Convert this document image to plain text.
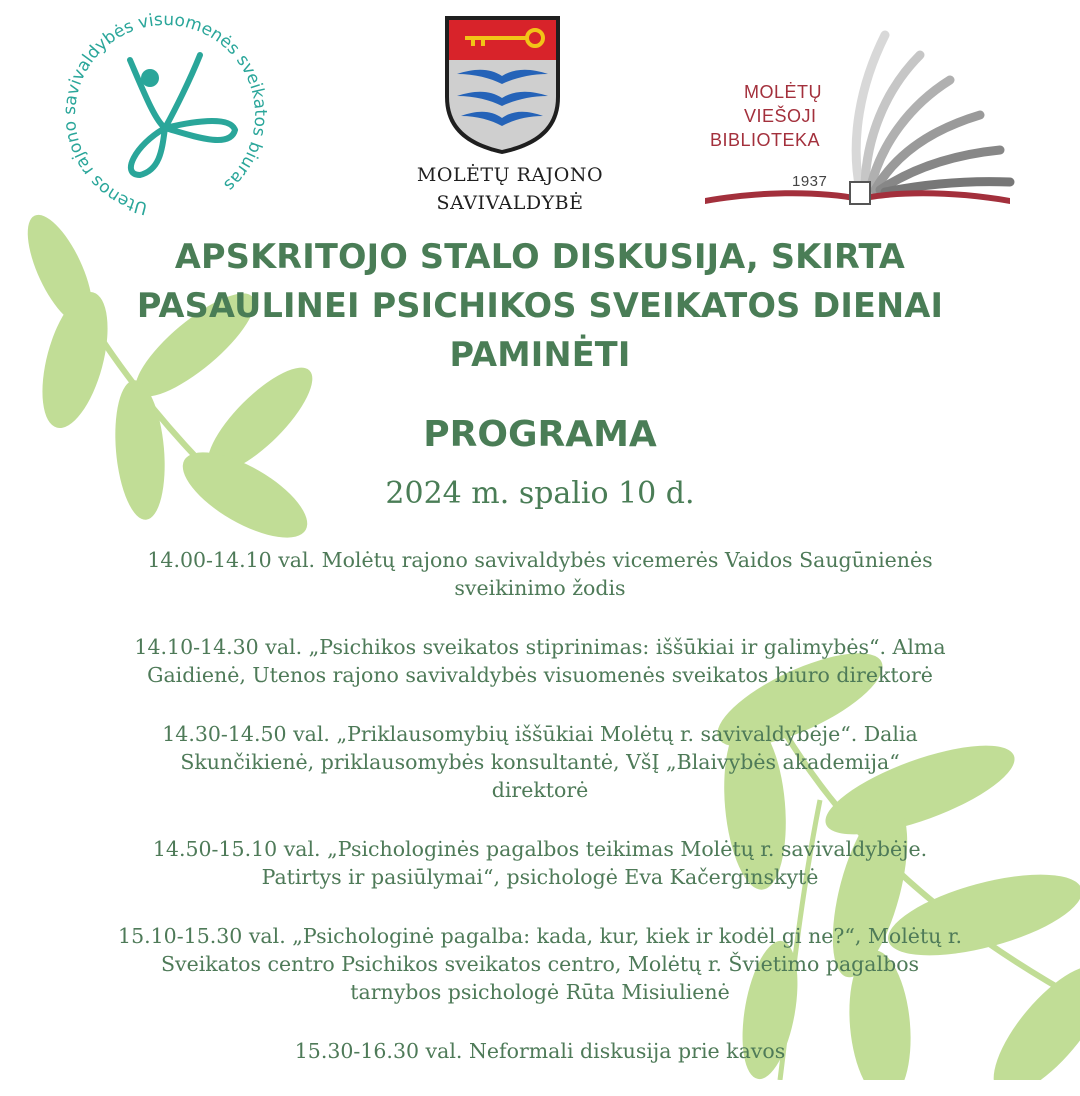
Utenos rajono savivaldybės visuomenės sveikatos biuras	MOLĖTŲ RAJONO
SAVIVALDYBĖ
MOLĖTŲ
VIEŠOJI
BIBLIOTEKA
1937
APSKRITOJO STALO DISKUSIJA, SKIRTA
PASAULINEI PSICHIKOS SVEIKATOS DIENAI
PAMINĖTI
PROGRAMA
2024 m. spalio 10 d.
14.00-14.10 val. Molėtų rajono savivaldybės vicemerės Vaidos Saugūnienės
sveikinimo žodis
14.10-14.30 val. „Psichikos sveikatos stiprinimas: iššūkiai ir galimybės“. Alma
Gaidienė, Utenos rajono savivaldybės visuomenės sveikatos biuro direktorė
14.30-14.50 val. „Priklausomybių iššūkiai Molėtų r. savivaldybėje“. Dalia
Skunčikienė, priklausomybės konsultantė, VšĮ „Blaivybės akademija“
direktorė
14.50-15.10 val. „Psichologinės pagalbos teikimas Molėtų r. savivaldybėje.
Patirtys ir pasiūlymai“, psichologė Eva Kačerginskytė
15.10-15.30 val. „Psichologinė pagalba: kada, kur, kiek ir kodėl gi ne?“, Molėtų r.
Sveikatos centro Psichikos sveikatos centro, Molėtų r. Švietimo pagalbos
tarnybos psichologė Rūta Misiulienė
15.30-16.30 val. Neformali diskusija prie kavos
